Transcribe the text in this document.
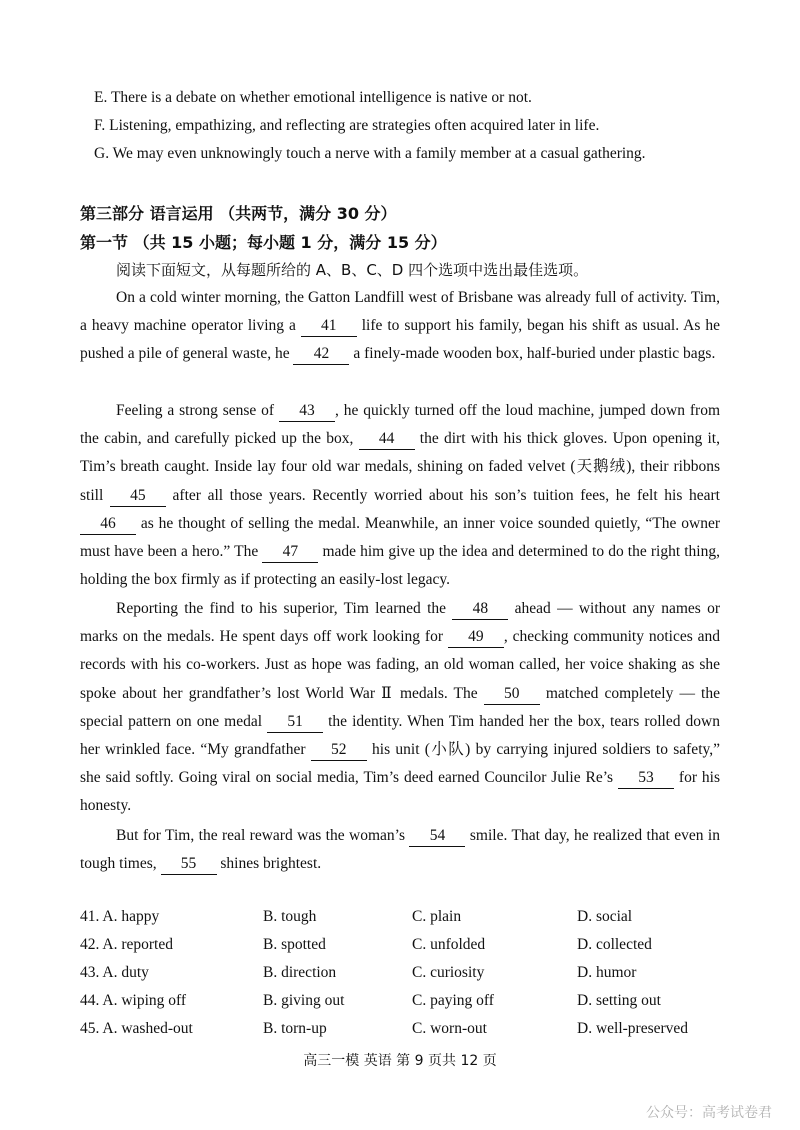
E. There is a debate on whether emotional intelligence is native or not.
F. Listening, empathizing, and reflecting are strategies often acquired later in life.
G. We may even unknowingly touch a nerve with a family member at a casual gathering.
第三部分 语言运用 （共两节，满分 30 分）
第一节 （共 15 小题；每小题 1 分，满分 15 分）
阅读下面短文，从每题所给的 A、B、C、D 四个选项中选出最佳选项。
On a cold winter morning, the Gatton Landfill west of Brisbane was already full of activity. Tim, a heavy machine operator living a 41 life to support his family, began his shift as usual. As he pushed a pile of general waste, he 42 a finely-made wooden box, half-buried under plastic bags.
Feeling a strong sense of 43 , he quickly turned off the loud machine, jumped down from the cabin, and carefully picked up the box, 44 the dirt with his thick gloves. Upon opening it, Tim’s breath caught. Inside lay four old war medals, shining on faded velvet (天鹅绒), their ribbons still 45 after all those years. Recently worried about his son’s tuition fees, he felt his heart 46 as he thought of selling the medal. Meanwhile, an inner voice sounded quietly, “The owner must have been a hero.” The 47 made him give up the idea and determined to do the right thing, holding the box firmly as if protecting an easily-lost legacy.
Reporting the find to his superior, Tim learned the 48 ahead — without any names or marks on the medals. He spent days off work looking for 49 , checking community notices and records with his co-workers. Just as hope was fading, an old woman called, her voice shaking as she spoke about her grandfather’s lost World War Ⅱ medals. The 50 matched completely — the special pattern on one medal 51 the identity. When Tim handed her the box, tears rolled down her wrinkled face. “My grandfather 52 his unit (小队) by carrying injured soldiers to safety,” she said softly. Going viral on social media, Tim’s deed earned Councilor Julie Re’s 53 for his honesty.
But for Tim, the real reward was the woman’s 54 smile. That day, he realized that even in tough times, 55 shines brightest.
41. A. happy	B. tough	C. plain	D. social
42. A. reported	B. spotted	C. unfolded	D. collected
43. A. duty	B. direction	C. curiosity	D. humor
44. A. wiping off	B. giving out	C. paying off	D. setting out
45. A. washed-out	B. torn-up	C. worn-out	D. well-preserved
高三一模 英语 第 9 页共 12 页
公众号：高考试卷君
